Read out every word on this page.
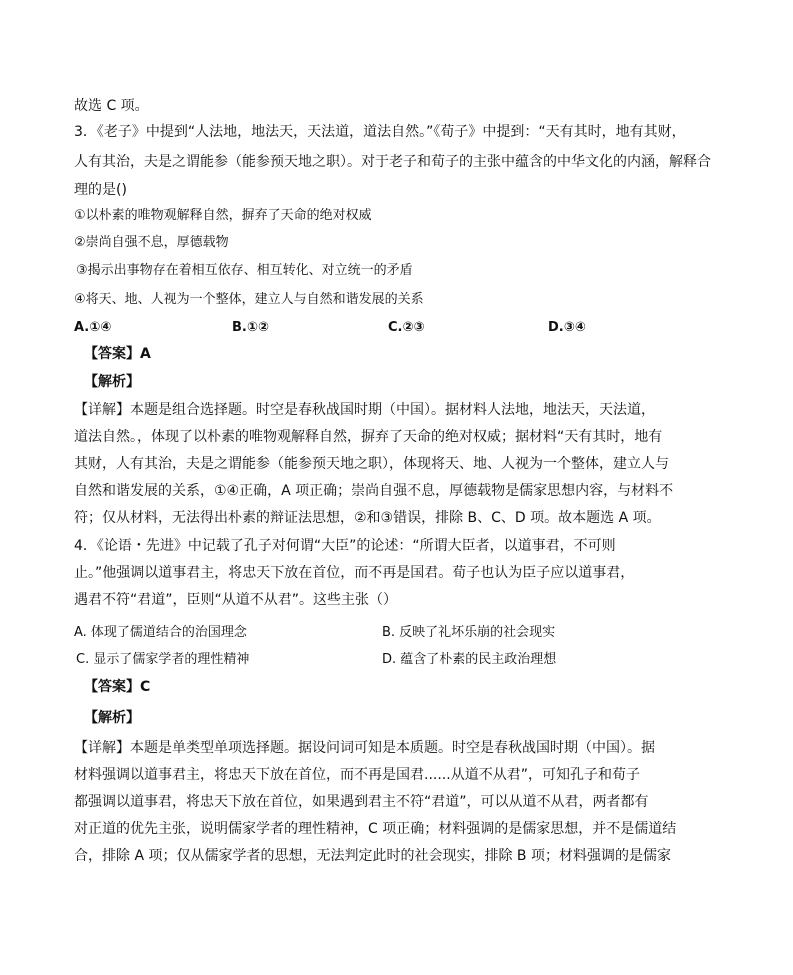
故选 C 项。
3．《老子》中提到“人法地，地法天，天法道，道法自然。”《荀子》中提到：“天有其时，地有其财，
人有其治，夫是之谓能参（能参预天地之职）。对于老子和荀子的主张中蕴含的中华文化的内涵，解释合
理的是()
①以朴素的唯物观解释自然，摒弃了天命的绝对权威
②崇尚自强不息，厚德载物
③揭示出事物存在着相互依存、相互转化、对立统一的矛盾
④将天、地、人视为一个整体，建立人与自然和谐发展的关系
A.①④	B.①②	C.②③	D.③④
【答案】A
【解析】
【详解】本题是组合选择题。时空是春秋战国时期（中国）。据材料人法地，地法天，天法道，
道法自然。，体现了以朴素的唯物观解释自然，摒弃了天命的绝对权威；据材料“天有其时，地有
其财，人有其治，夫是之谓能参（能参预天地之职），体现将天、地、人视为一个整体，建立人与
自然和谐发展的关系，①④正确，A 项正确；崇尚自强不息，厚德载物是儒家思想内容，与材料不
符；仅从材料，无法得出朴素的辩证法思想，②和③错误，排除 B、C、D 项。故本题选 A 项。
4．《论语・先进》中记载了孔子对何谓“大臣”的论述：“所谓大臣者，以道事君，不可则
止。”他强调以道事君主，将忠天下放在首位，而不再是国君。荀子也认为臣子应以道事君，
遇君不符“君道”，臣则“从道不从君”。这些主张（）
A. 体现了儒道结合的治国理念	B. 反映了礼坏乐崩的社会现实
C. 显示了儒家学者的理性精神	D. 蕴含了朴素的民主政治理想
【答案】C
【解析】
【详解】本题是单类型单项选择题。据设问词可知是本质题。时空是春秋战国时期（中国）。据
材料强调以道事君主，将忠天下放在首位，而不再是国君......从道不从君”，可知孔子和荀子
都强调以道事君，将忠天下放在首位，如果遇到君主不符“君道”，可以从道不从君，两者都有
对正道的优先主张，说明儒家学者的理性精神，C 项正确；材料强调的是儒家思想，并不是儒道结
合，排除 A 项；仅从儒家学者的思想，无法判定此时的社会现实，排除 B 项；材料强调的是儒家
